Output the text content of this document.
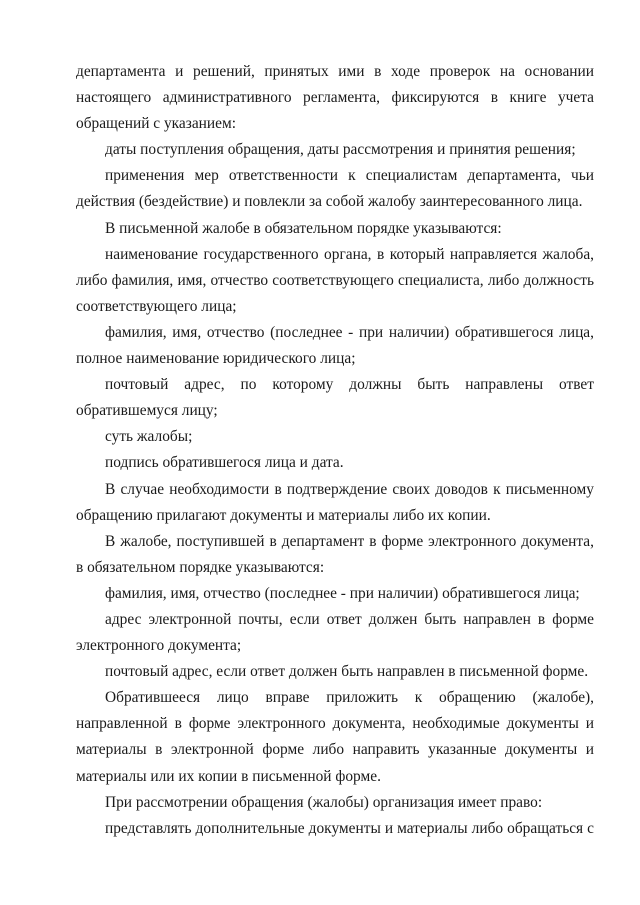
департамента и решений, принятых ими в ходе проверок на основании настоящего административного регламента, фиксируются в книге учета обращений с указанием:

даты поступления обращения, даты рассмотрения и принятия решения;

применения мер ответственности к специалистам департамента, чьи действия (бездействие) и повлекли за собой жалобу заинтересованного лица.

В письменной жалобе в обязательном порядке указываются:

наименование государственного органа, в который направляется жалоба, либо фамилия, имя, отчество соответствующего специалиста, либо должность соответствующего лица;

фамилия, имя, отчество (последнее - при наличии) обратившегося лица, полное наименование юридического лица;

почтовый адрес, по которому должны быть направлены ответ обратившемуся лицу;

суть жалобы;

подпись обратившегося лица и дата.

В случае необходимости в подтверждение своих доводов к письменному обращению прилагают документы и материалы либо их копии.

В жалобе, поступившей в департамент в форме электронного документа, в обязательном порядке указываются:

фамилия, имя, отчество (последнее - при наличии) обратившегося лица;

адрес электронной почты, если ответ должен быть направлен в форме электронного документа;

почтовый адрес, если ответ должен быть направлен в письменной форме.

Обратившееся лицо вправе приложить к обращению (жалобе), направленной в форме электронного документа, необходимые документы и материалы в электронной форме либо направить указанные документы и материалы или их копии в письменной форме.

При рассмотрении обращения (жалобы) организация имеет право:

представлять дополнительные документы и материалы либо обращаться с
